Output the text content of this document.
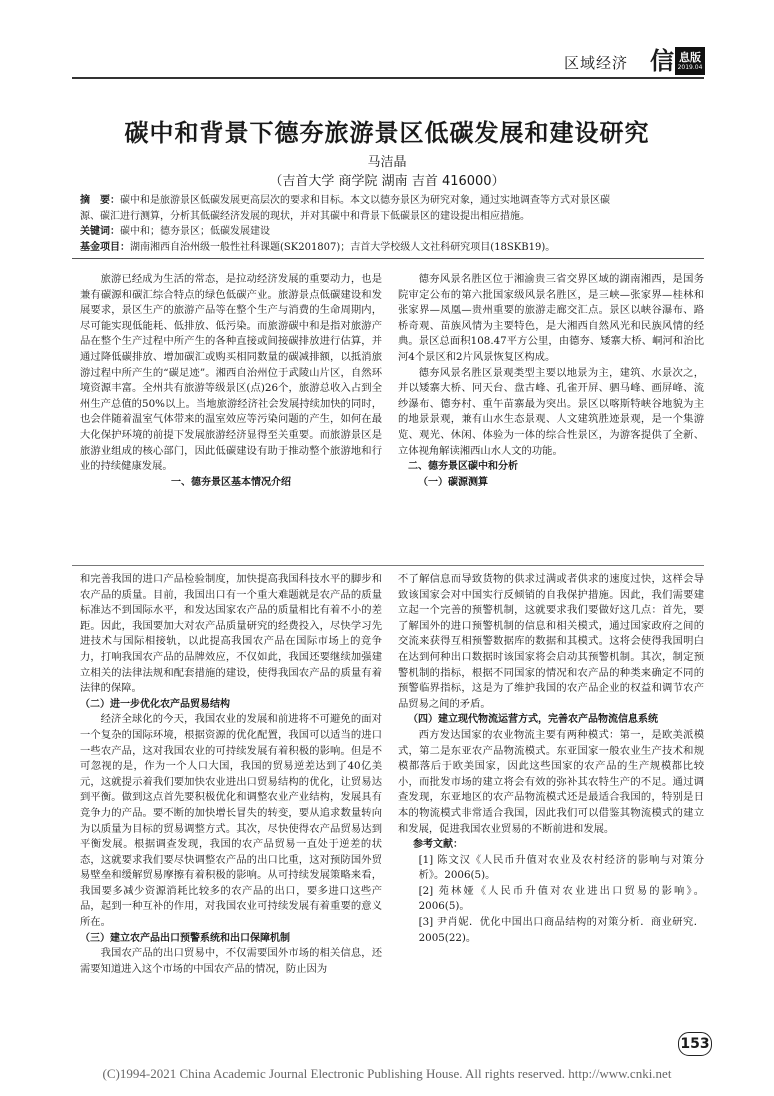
区域经济 信 息版
2019.04
碳中和背景下德夯旅游景区低碳发展和建设研究
马洁晶
（吉首大学 商学院 湖南 吉首 416000）
摘　要：碳中和是旅游景区低碳发展更高层次的要求和目标。本文以德夯景区为研究对象，通过实地调查等方式对景区碳
源、碳汇进行测算，分析其低碳经济发展的现状，并对其碳中和背景下低碳景区的建设提出相应措施。
关键词：碳中和；德夯景区；低碳发展建设
基金项目：湖南湘西自治州级一般性社科课题(SK201807)；吉首大学校级人文社科研究项目(18SKB19)。

旅游已经成为生活的常态，是拉动经济发展的重要动力，也是兼有碳源和碳汇综合特点的绿色低碳产业。旅游景点低碳建设和发展要求，景区生产的旅游产品等在整个生产与消费的生命周期内，尽可能实现低能耗、低排放、低污染。而旅游碳中和是指对旅游产品在整个生产过程中所产生的各种直接或间接碳排放进行估算，并通过降低碳排放、增加碳汇或购买相同数量的碳减排额，以抵消旅游过程中所产生的“碳足迹”。湘西自治州位于武陵山片区，自然环境资源丰富。全州共有旅游等级景区(点)26个，旅游总收入占到全州生产总值的50%以上。当地旅游经济社会发展持续加快的同时，也会伴随着温室气体带来的温室效应等污染问题的产生，如何在最大化保护环境的前提下发展旅游经济显得至关重要。而旅游景区是旅游业组成的核心部门，因此低碳建设有助于推动整个旅游地和行业的持续健康发展。

一、德夯景区基本情况介绍

德夯风景名胜区位于湘渝贵三省交界区域的湖南湘西，是国务院审定公布的第六批国家级风景名胜区，是三峡—张家界—桂林和张家界—凤凰—贵州重要的旅游走廊交汇点。景区以峡谷瀑布、路桥奇观、苗族风情为主要特色，是大湘西自然风光和民族风情的经典。景区总面积108.47平方公里，由德夯、矮寨大桥、峒河和治比河4个景区和2片风景恢复区构成。

德夯风景名胜区景观类型主要以地景为主，建筑、水景次之，并以矮寨大桥、冋天台、盘古峰、孔雀开屏、驷马峰、画屏峰、流纱瀑布、德夯村、重午苗寨最为突出。景区以喀斯特峡谷地貌为主的地景景观，兼有山水生态景观、人文建筑胜迹景观，是一个集游览、观光、休闲、体验为一体的综合性景区，为游客提供了全新、立体视角解读湘西山水人文的功能。

二、德夯景区碳中和分析

（一）碳源测算

和完善我国的进口产品检验制度，加快提高我国科技水平的脚步和农产品的质量。目前，我国出口有一个重大难题就是农产品的质量标准达不到国际水平，和发达国家农产品的质量相比有着不小的差距。因此，我国要加大对农产品质量研究的经费投入，尽快学习先进技术与国际相接轨，以此提高我国农产品在国际市场上的竞争力，打响我国农产品的品牌效应，不仅如此，我国还要继续加强建立相关的法律法规和配套措施的建设，使得我国农产品的质量有着法律的保障。

（二）进一步优化农产品贸易结构

经济全球化的今天，我国农业的发展和前进将不可避免的面对一个复杂的国际环境，根据资源的优化配置，我国可以适当的进口一些农产品，这对我国农业的可持续发展有着积极的影响。但是不可忽视的是，作为一个人口大国，我国的贸易逆差达到了40亿美元，这就提示着我们要加快农业进出口贸易结构的优化，让贸易达到平衡。做到这点首先要积极优化和调整农业产业结构，发展具有竞争力的产品。要不断的加快增长冒失的转变，要从追求数量转向为以质量为目标的贸易调整方式。其次，尽快使得农产品贸易达到平衡发展。根据调查发现，我国的农产品贸易一直处于逆差的状态，这就要求我们要尽快调整农产品的出口比重，这对预防国外贸易壁垒和缓解贸易摩擦有着积极的影响。从可持续发展策略来看，我国要多减少资源消耗比较多的农产品的出口，要多进口这些产品，起到一种互补的作用，对我国农业可持续发展有着重要的意义所在。

（三）建立农产品出口预警系统和出口保障机制

我国农产品的出口贸易中，不仅需要国外市场的相关信息，还需要知道进入这个市场的中国农产品的情况，防止因为

不了解信息而导致货物的供求过满或者供求的速度过快，这样会导致该国家会对中国实行反倾销的自我保护措施。因此，我们需要建立起一个完善的预警机制，这就要求我们要做好这几点：首先，要了解国外的进口预警机制的信息和相关模式，通过国家政府之间的交流来获得互相预警数据库的数据和其模式。这将会使得我国明白在达到何种出口数据时该国家将会启动其预警机制。其次，制定预警机制的指标，根据不同国家的情况和农产品的种类来确定不同的预警临界指标，这是为了维护我国的农产品企业的权益和调节农产品贸易之间的矛盾。

（四）建立现代物流运营方式，完善农产品物流信息系统

西方发达国家的农业物流主要有两种模式：第一，是欧美派模式，第二是东亚农产品物流模式。东亚国家一般农业生产技术和规模都落后于欧美国家，因此这些国家的农产品的生产规模都比较小，而批发市场的建立将会有效的弥补其农特生产的不足。通过调查发现，东亚地区的农产品物流模式还是最适合我国的，特别是日本的物流模式非常适合我国，因此我们可以借鉴其物流模式的建立和发展，促进我国农业贸易的不断前进和发展。

参考文献：

[1] 陈文汉《人民币升值对农业及农村经济的影响与对策分析》。2006(5)。

[2] 苑林娅《人民币升值对农业进出口贸易的影响》。2006(5)。

[3] 尹肖妮．优化中国出口商品结构的对策分析．商业研究．2005(22)。

153
(C)1994-2021 China Academic Journal Electronic Publishing House. All rights reserved. http://www.cnki.net
